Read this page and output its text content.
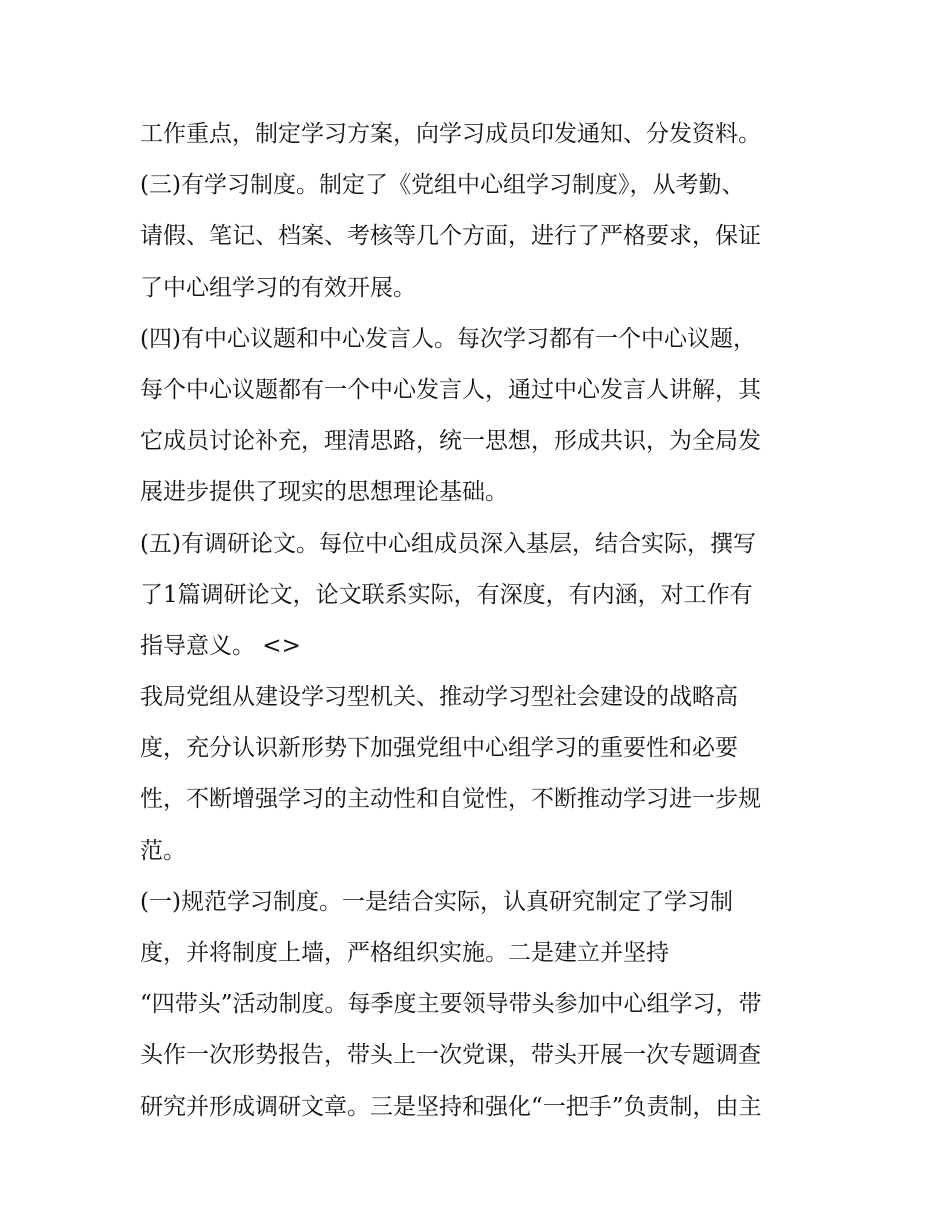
工作重点，制定学习方案，向学习成员印发通知、分发资料。
(三)有学习制度。制定了《党组中心组学习制度》，从考勤、
请假、笔记、档案、考核等几个方面，进行了严格要求，保证
了中心组学习的有效开展。
(四)有中心议题和中心发言人。每次学习都有一个中心议题，
每个中心议题都有一个中心发言人，通过中心发言人讲解，其
它成员讨论补充，理清思路，统一思想，形成共识，为全局发
展进步提供了现实的思想理论基础。
(五)有调研论文。每位中心组成员深入基层，结合实际，撰写
了1篇调研论文，论文联系实际，有深度，有内涵，对工作有
指导意义。 <>
我局党组从建设学习型机关、推动学习型社会建设的战略高
度，充分认识新形势下加强党组中心组学习的重要性和必要
性，不断增强学习的主动性和自觉性，不断推动学习进一步规
范。
(一)规范学习制度。一是结合实际，认真研究制定了学习制
度，并将制度上墙，严格组织实施。二是建立并坚持
“四带头”活动制度。每季度主要领导带头参加中心组学习，带
头作一次形势报告，带头上一次党课，带头开展一次专题调查
研究并形成调研文章。三是坚持和强化“一把手”负责制，由主
